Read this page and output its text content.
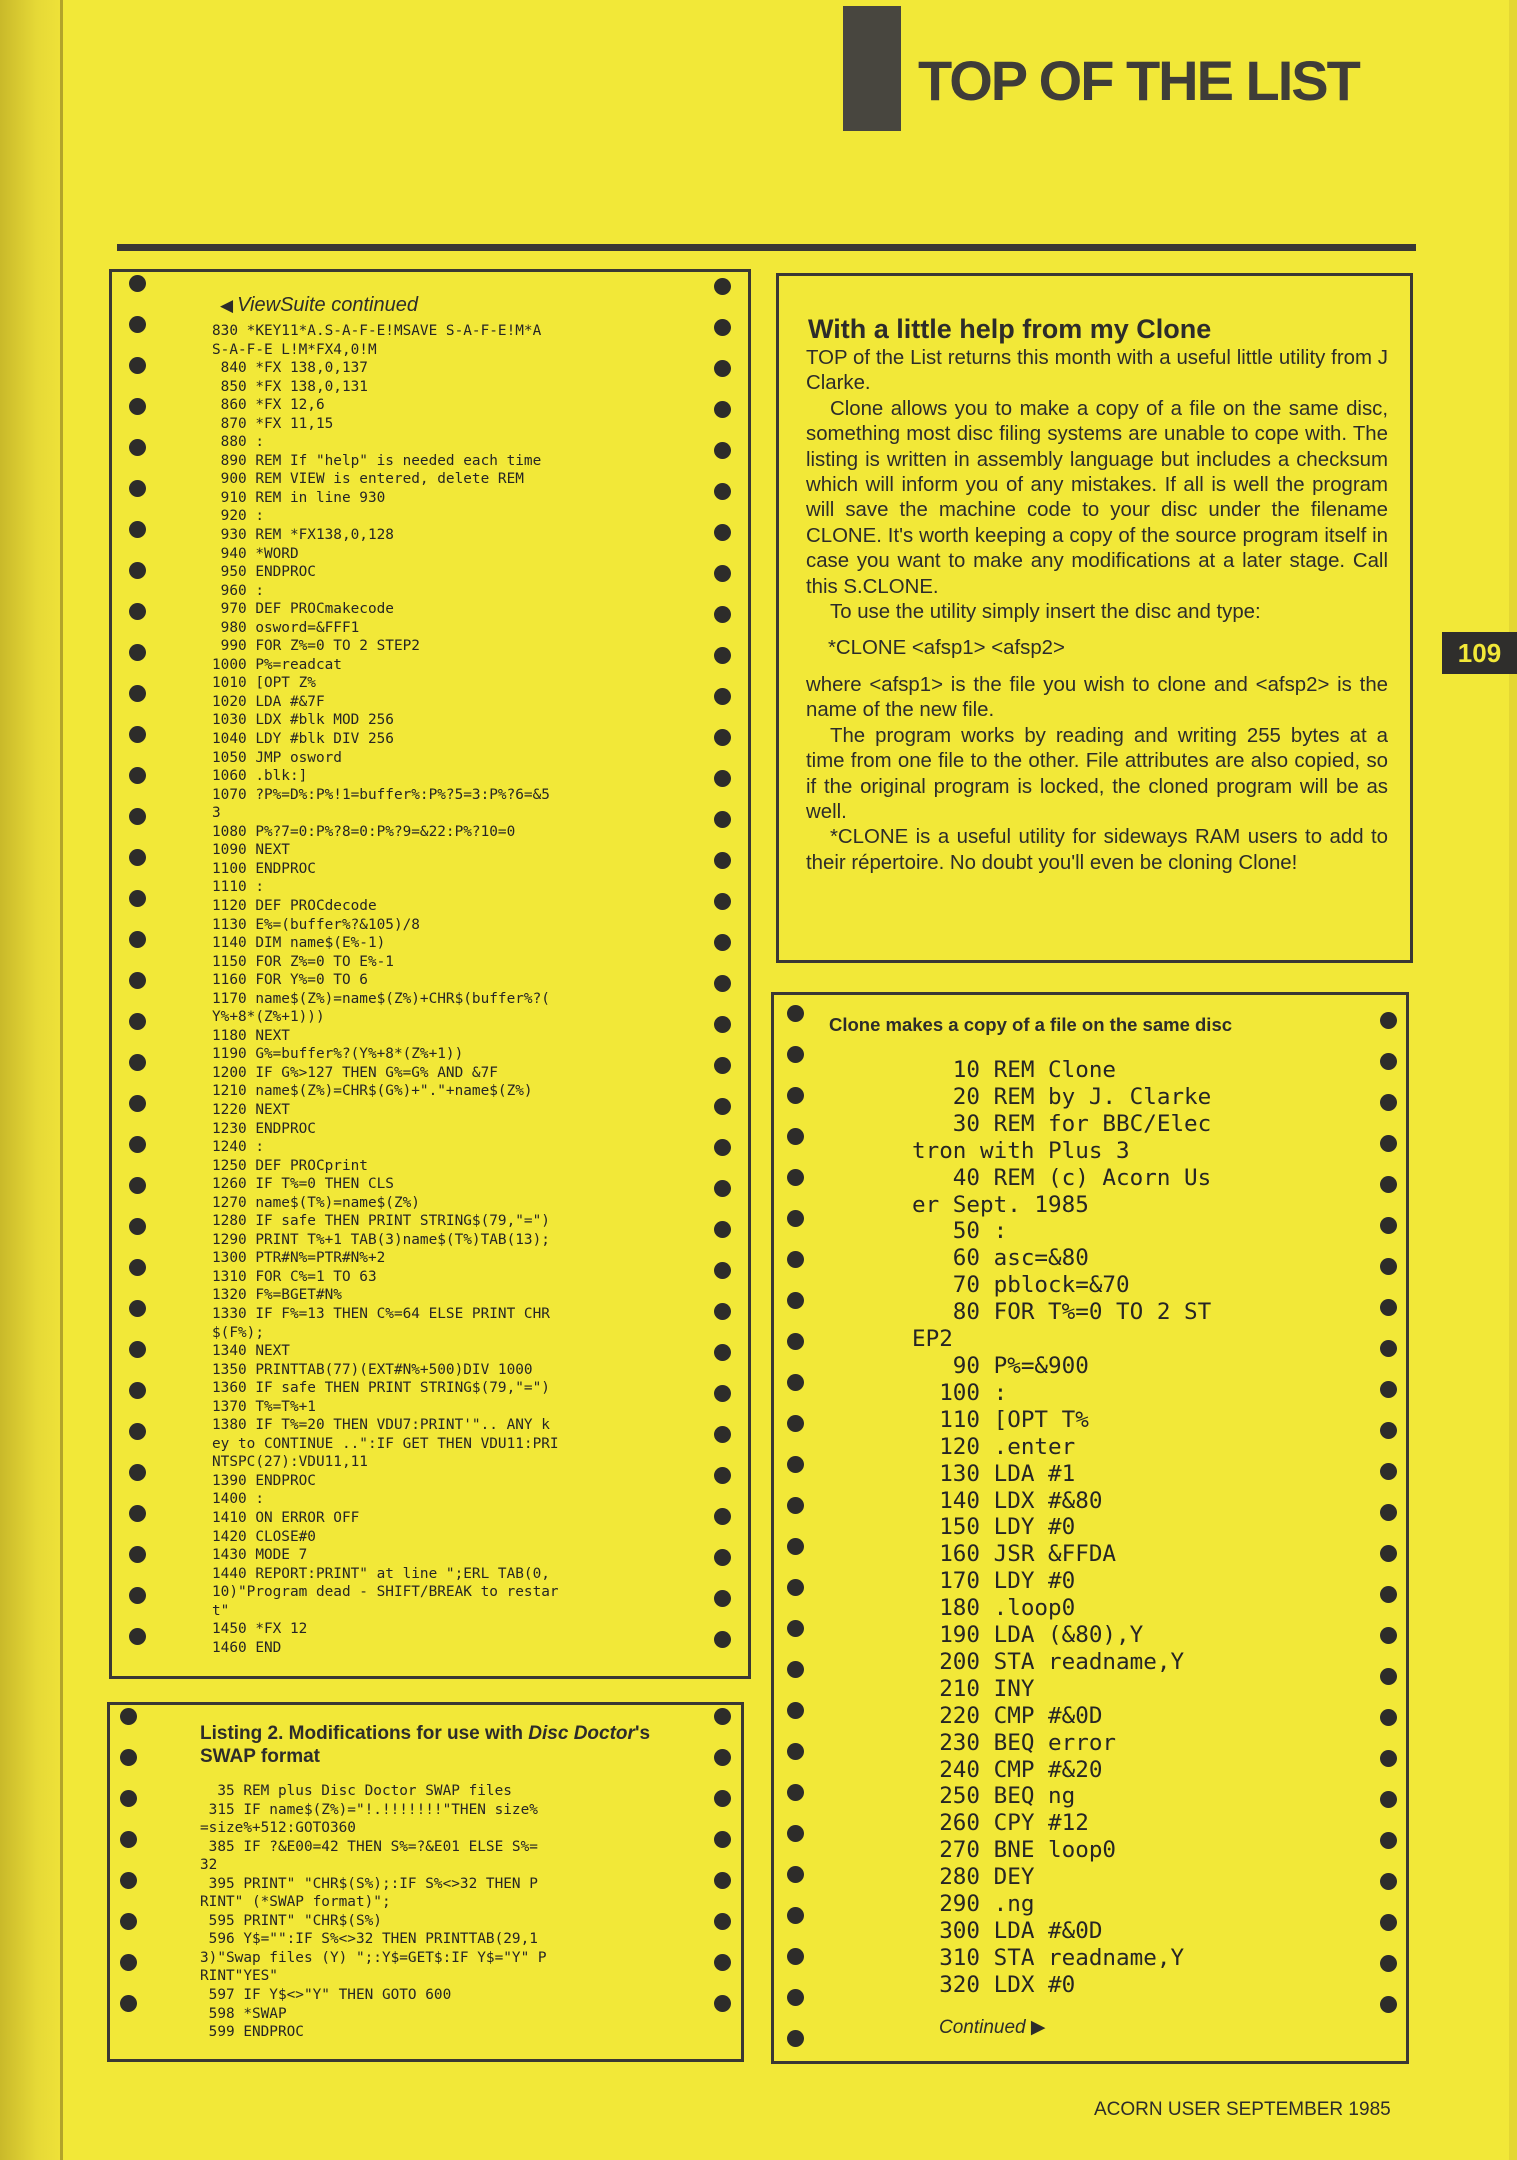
TOP OF THE LIST
109
◀ ViewSuite continued
830 *KEY11*A.S-A-F-E!MSAVE S-A-F-E!M*A
S-A-F-E L!M*FX4,0!M
840 *FX 138,0,137
850 *FX 138,0,131
860 *FX 12,6
870 *FX 11,15
880 :
890 REM If "help" is needed each time
900 REM VIEW is entered, delete REM
910 REM in line 930
920 :
930 REM *FX138,0,128
940 *WORD
950 ENDPROC
960 :
970 DEF PROCmakecode
980 osword=&FFF1
990 FOR Z%=0 TO 2 STEP2
1000 P%=readcat
1010 [OPT Z%
1020 LDA #&7F
1030 LDX #blk MOD 256
1040 LDY #blk DIV 256
1050 JMP osword
1060 .blk:]
1070 ?P%=D%:P%!1=buffer%:P%?5=3:P%?6=&5
3
1080 P%?7=0:P%?8=0:P%?9=&22:P%?10=0
1090 NEXT
1100 ENDPROC
1110 :
1120 DEF PROCdecode
1130 E%=(buffer%?&105)/8
1140 DIM name$(E%-1)
1150 FOR Z%=0 TO E%-1
1160 FOR Y%=0 TO 6
1170 name$(Z%)=name$(Z%)+CHR$(buffer%?(
Y%+8*(Z%+1)))
1180 NEXT
1190 G%=buffer%?(Y%+8*(Z%+1))
1200 IF G%>127 THEN G%=G% AND &7F
1210 name$(Z%)=CHR$(G%)+"."+name$(Z%)
1220 NEXT
1230 ENDPROC
1240 :
1250 DEF PROCprint
1260 IF T%=0 THEN CLS
1270 name$(T%)=name$(Z%)
1280 IF safe THEN PRINT STRING$(79,"=")
1290 PRINT T%+1 TAB(3)name$(T%)TAB(13);
1300 PTR#N%=PTR#N%+2
1310 FOR C%=1 TO 63
1320 F%=BGET#N%
1330 IF F%=13 THEN C%=64 ELSE PRINT CHR
$(F%);
1340 NEXT
1350 PRINTTAB(77)(EXT#N%+500)DIV 1000
1360 IF safe THEN PRINT STRING$(79,"=")
1370 T%=T%+1
1380 IF T%=20 THEN VDU7:PRINT'".. ANY k
ey to CONTINUE ..":IF GET THEN VDU11:PRI
NTSPC(27):VDU11,11
1390 ENDPROC
1400 :
1410 ON ERROR OFF
1420 CLOSE#0
1430 MODE 7
1440 REPORT:PRINT" at line ";ERL TAB(0,
10)"Program dead - SHIFT/BREAK to restar
t"
1450 *FX 12
1460 END
Listing 2. Modifications for use with Disc Doctor's SWAP format
35 REM plus Disc Doctor SWAP files
315 IF name$(Z%)="!.!!!!!!!"THEN size%
=size%+512:GOTO360
385 IF ?&E00=42 THEN S%=?&E01 ELSE S%=
32
395 PRINT" "CHR$(S%);:IF S%<>32 THEN P
RINT" (*SWAP format)";
595 PRINT" "CHR$(S%)
596 Y$="":IF S%<>32 THEN PRINTTAB(29,1
3)"Swap files (Y) ";:Y$=GET$:IF Y$="Y" P
RINT"YES"
597 IF Y$<>"Y" THEN GOTO 600
598 *SWAP
599 ENDPROC
With a little help from my Clone

TOP of the List returns this month with a useful little utility from J Clarke.

Clone allows you to make a copy of a file on the same disc, something most disc filing systems are unable to cope with. The listing is written in assembly language but includes a checksum which will inform you of any mistakes. If all is well the program will save the machine code to your disc under the filename CLONE. It's worth keeping a copy of the source program itself in case you want to make any modifications at a later stage. Call this S.CLONE.

To use the utility simply insert the disc and type:

*CLONE <afsp1> <afsp2>

where <afsp1> is the file you wish to clone and <afsp2> is the name of the new file.

The program works by reading and writing 255 bytes at a time from one file to the other. File attributes are also copied, so if the original program is locked, the cloned program will be as well.

*CLONE is a useful utility for sideways RAM users to add to their répertoire. No doubt you'll even be cloning Clone!

Clone makes a copy of a file on the same disc
10 REM Clone
20 REM by J. Clarke
30 REM for BBC/Elec
tron with Plus 3
40 REM (c) Acorn Us
er Sept. 1985
50 :
60 asc=&80
70 pblock=&70
80 FOR T%=0 TO 2 ST
EP2
90 P%=&900
100 :
110 [OPT T%
120 .enter
130 LDA #1
140 LDX #&80
150 LDY #0
160 JSR &FFDA
170 LDY #0
180 .loop0
190 LDA (&80),Y
200 STA readname,Y
210 INY
220 CMP #&0D
230 BEQ error
240 CMP #&20
250 BEQ ng
260 CPY #12
270 BNE loop0
280 DEY
290 .ng
300 LDA #&0D
310 STA readname,Y
320 LDX #0
Continued ▶
ACORN USER SEPTEMBER 1985
